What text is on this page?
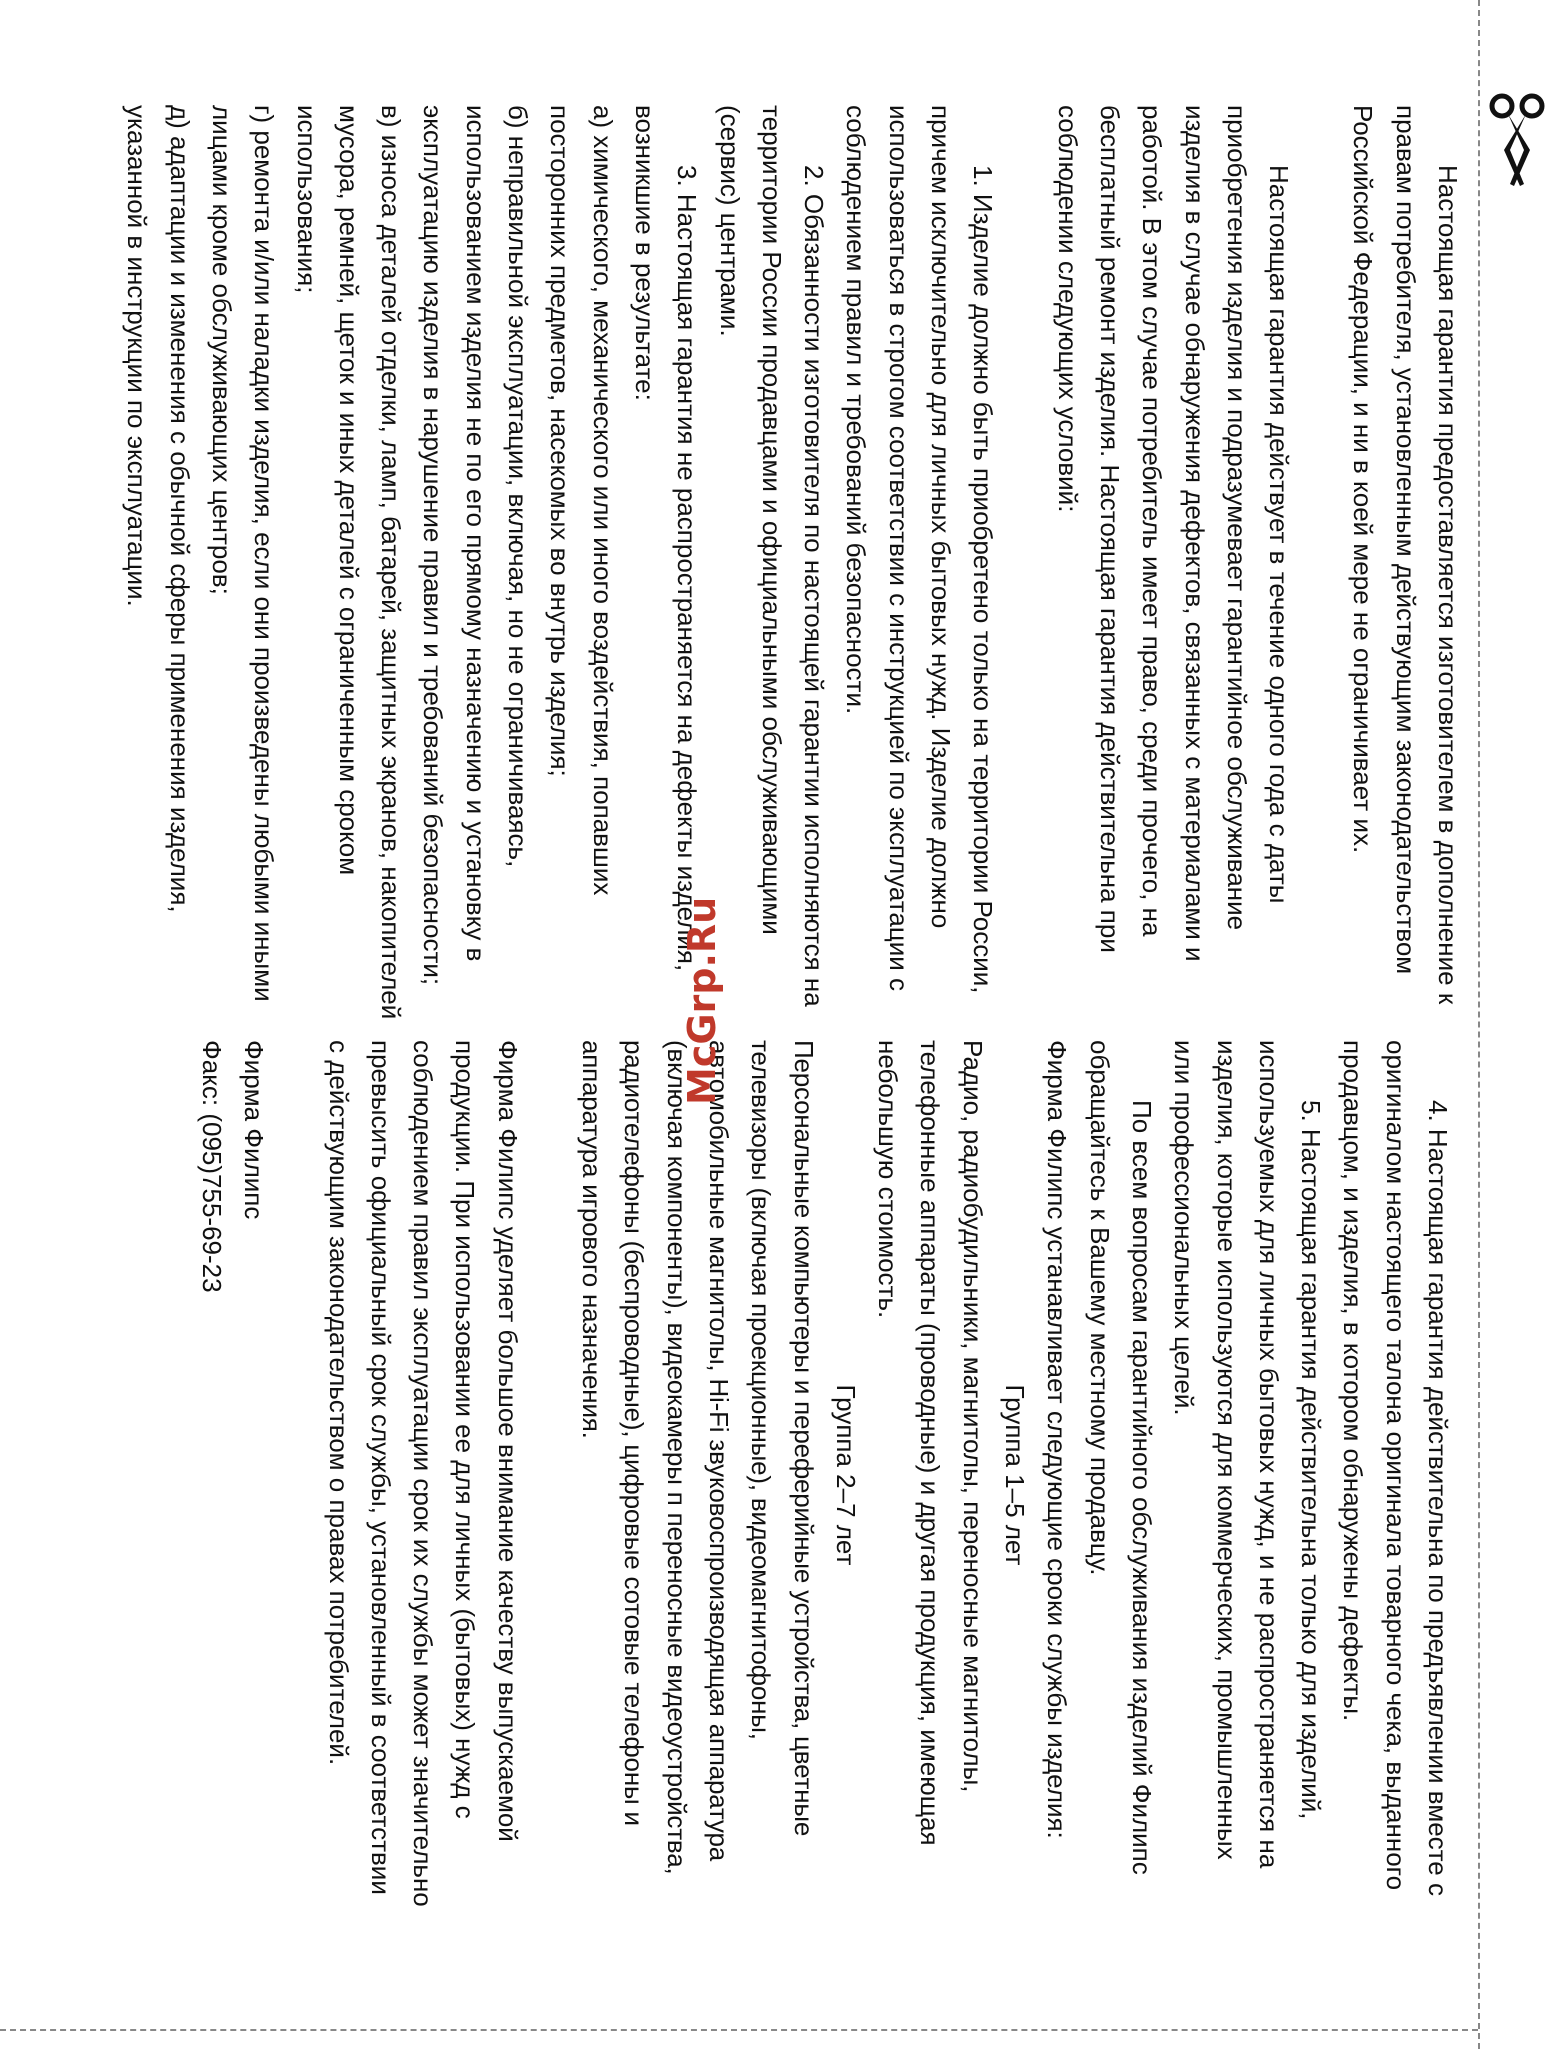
Настоящая гарантия предоставляется изготовителем в дополнение к правам потребителя, установленным действующим законодательством Российской Федерации, и ни в коей мере не ограничивает их.

Настоящая гарантия действует в течение одного года с даты приобретения изделия и подразумевает гарантийное обслуживание изделия в случае обнаружения дефектов, связанных с материалами и работой. В этом случае потребитель имеет право, среди прочего, на бесплатный ремонт изделия. Настоящая гарантия действительна при соблюдении следующих условий:

1. Изделие должно быть приобретено только на территории России, причем исключительно для личных бытовых нужд. Изделие должно использоваться в строгом соответствии с инструкцией по эксплуатации с соблюдением правил и требований безопасности.

2. Обязанности изготовителя по настоящей гарантии исполняются на территории России продавцами и официальными обслуживающими (сервис) центрами.

3. Настоящая гарантия не распространяется на дефекты изделия, возникшие в результате:

а) химического, механического или иного воздействия, попавших посторонних предметов, насекомых во внутрь изделия;

б) неправильной эксплуатации, включая, но не ограничиваясь, использованием изделия не по его прямому назначению и установку в эксплуатацию изделия в нарушение правил и требований безопасности;

в) износа деталей отделки, ламп, батарей, защитных экранов, накопителей мусора, ремней, щеток и иных деталей с ограниченным сроком использования;

г) ремонта и/или наладки изделия, если они произведены любыми иными лицами кроме обслуживающих центров;

д) адаптации и изменения с обычной сферы применения изделия, указанной в инструкции по эксплуатации.

4. Настоящая гарантия действительна по предъявлении вместе с оригиналом настоящего талона оригинала товарного чека, выданного продавцом, и изделия, в котором обнаружены дефекты.

5. Настоящая гарантия действительна только для изделий, используемых для личных бытовых нужд, и не распространяется на изделия, которые используются для коммерческих, промышленных или профессиональных целей.

По всем вопросам гарантийного обслуживания изделий Филипс обращайтесь к Вашему местному продавцу.

Фирма Филипс устанавливает следующие сроки службы изделия:

Группа 1–5 лет

Радио, радиобудильники, магнитолы, переносные магнитолы, телефонные аппараты (проводные) и другая продукция, имеющая небольшую стоимость.

Группа 2–7 лет

Персональные компьютеры и переферийные устройства, цветные телевизоры (включая проекционные), видеомагнитофоны, автомобильные магнитолы, Hi-Fi звуковоспроизводящая аппаратура (включая компоненты), видеокамеры п переносные видеоустройства, радиотелефоны (беспроводные), цифровые сотовые телефоны и аппаратура игрового назначения.

Фирма Филипс уделяет большое внимание качеству выпускаемой продукции. При использовании ее для личных (бытовых) нужд с соблюдением правил эксплуатации срок их службы может значительно превысить официальный срок службы, установленный в соответствии с действующим законодательством о правах потребителей.

Фирма Филипс

Факс: (095)755-69-23

McGrp.Ru
